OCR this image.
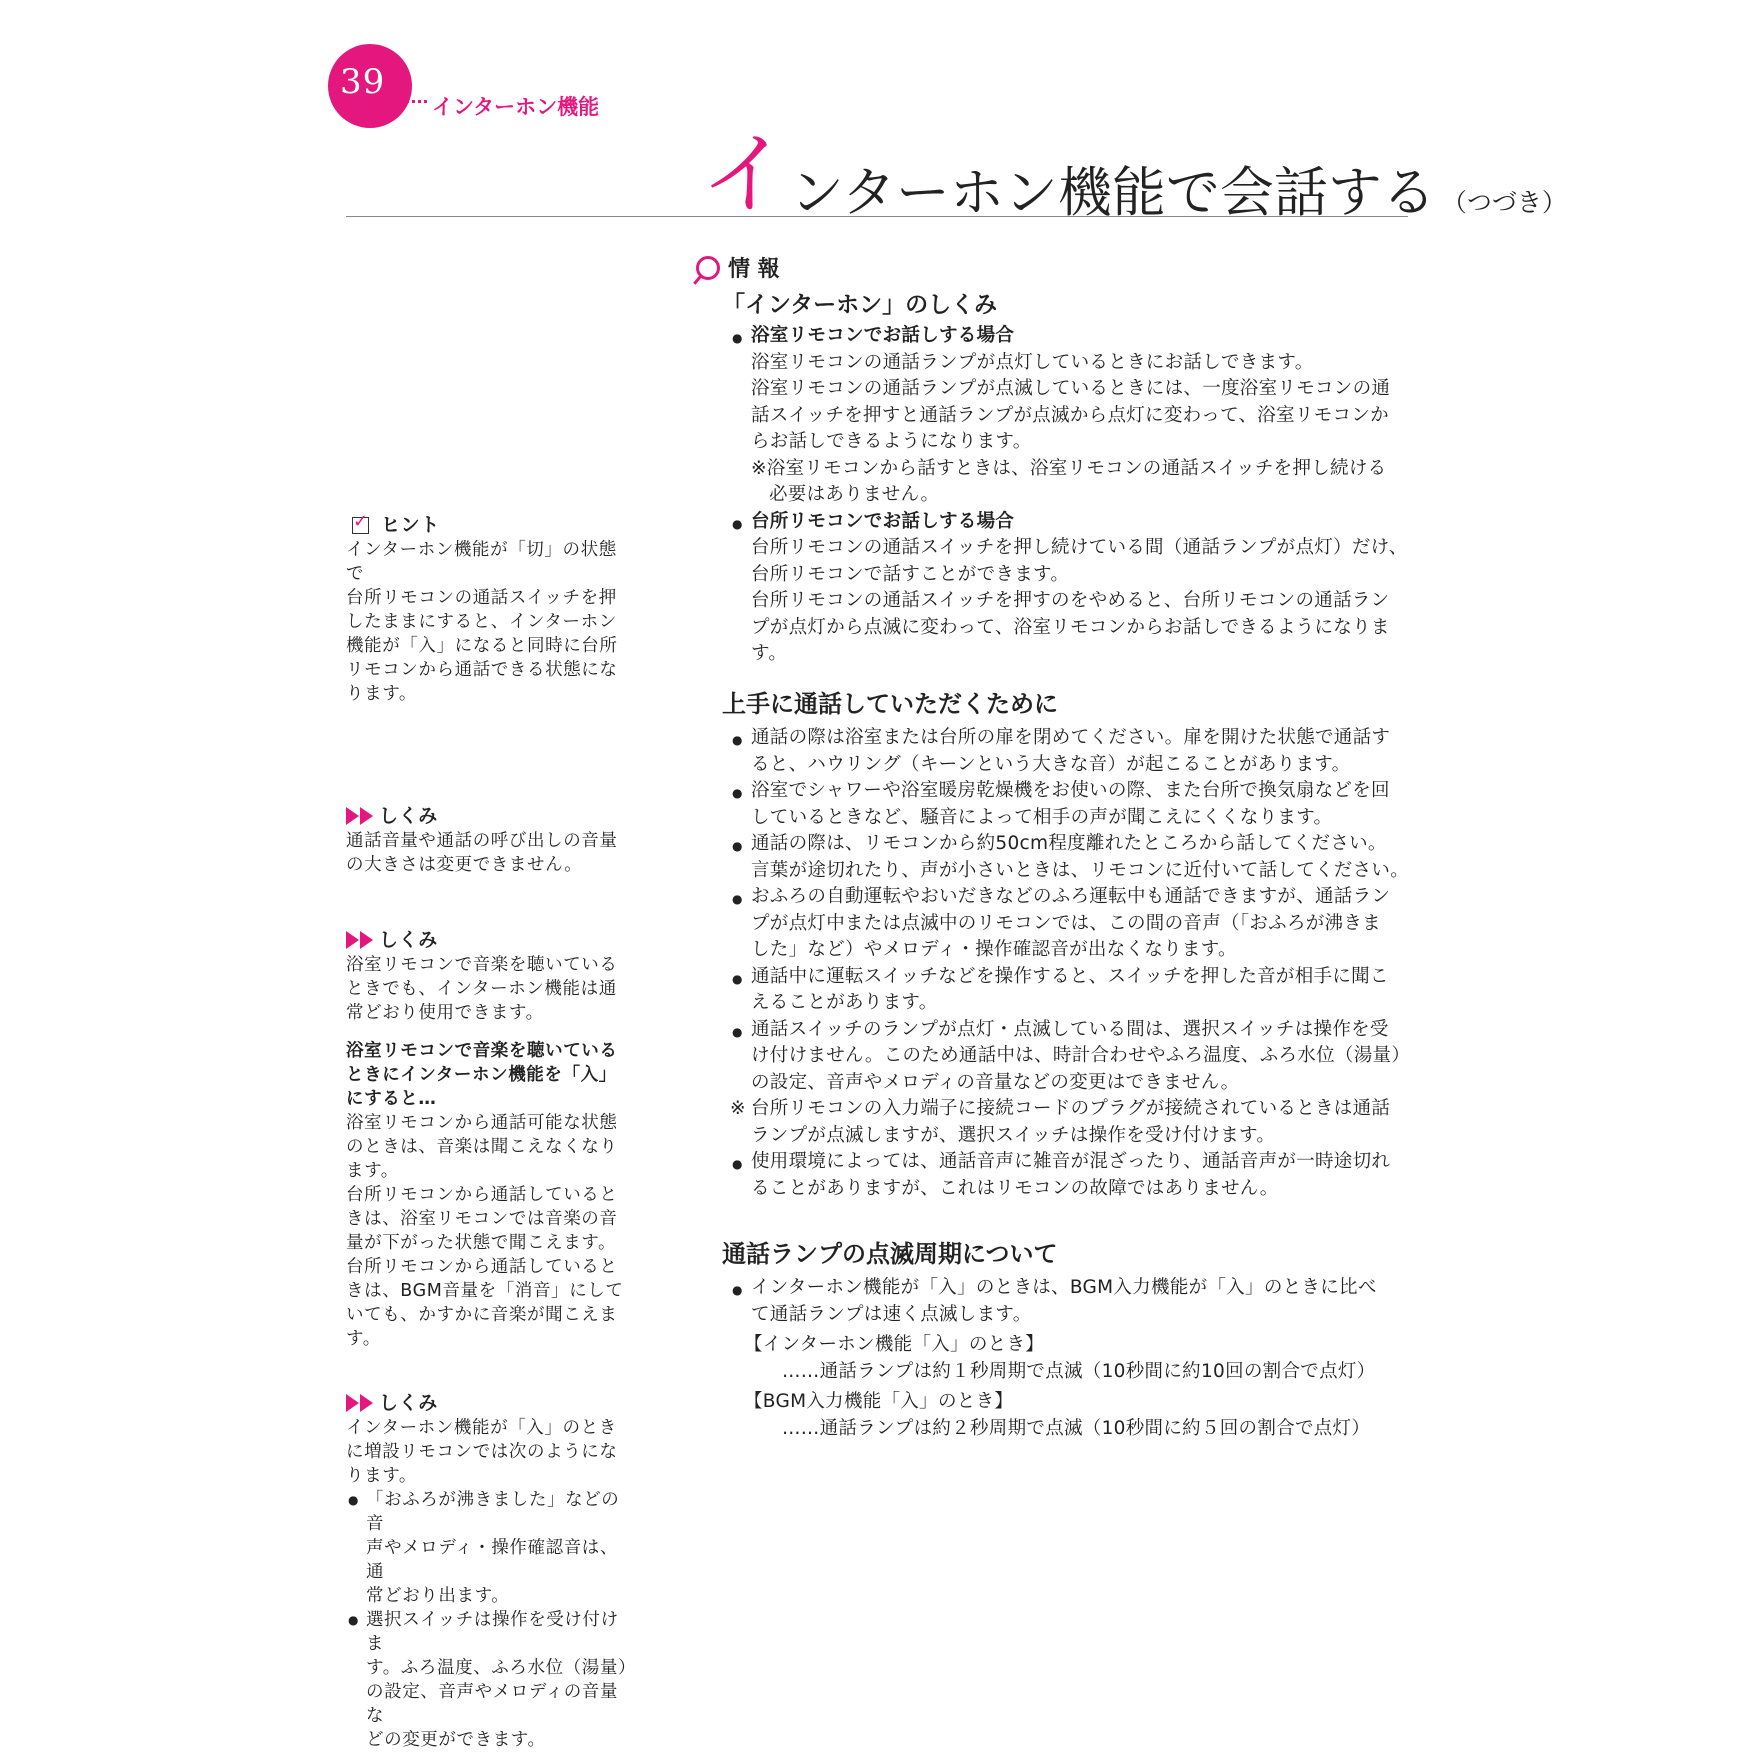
39
インターホン機能
インターホン機能で会話する （つづき）
✓
ヒント

インターホン機能が「切」の状態で

台所リモコンの通話スイッチを押

したままにすると、インターホン

機能が「入」になると同時に台所

リモコンから通話できる状態にな

ります。

しくみ

通話音量や通話の呼び出しの音量

の大きさは変更できません。

しくみ

浴室リモコンで音楽を聴いている

ときでも、インターホン機能は通

常どおり使用できます。

浴室リモコンで音楽を聴いている

ときにインターホン機能を「入」

にすると…

浴室リモコンから通話可能な状態

のときは、音楽は聞こえなくなり

ます。

台所リモコンから通話していると

きは、浴室リモコンでは音楽の音

量が下がった状態で聞こえます。

台所リモコンから通話していると

きは、BGM音量を「消音」にして

いても、かすかに音楽が聞こえま

す。

しくみ

インターホン機能が「入」のとき

に増設リモコンでは次のようにな

ります。

● 「おふろが沸きました」などの音
声やメロディ・操作確認音は、通
常どおり出ます。
● 選択スイッチは操作を受け付けま
す。ふろ温度、ふろ水位（湯量）
の設定、音声やメロディの音量な
どの変更ができます。
情 報

「インターホン」のしくみ

● 浴室リモコンでお話しする場合

浴室リモコンの通話ランプが点灯しているときにお話しできます。

浴室リモコンの通話ランプが点滅しているときには、一度浴室リモコンの通

話スイッチを押すと通話ランプが点滅から点灯に変わって、浴室リモコンか

らお話しできるようになります。

※浴室リモコンから話すときは、浴室リモコンの通話スイッチを押し続ける

必要はありません。

● 台所リモコンでお話しする場合

台所リモコンの通話スイッチを押し続けている間（通話ランプが点灯）だけ、

台所リモコンで話すことができます。

台所リモコンの通話スイッチを押すのをやめると、台所リモコンの通話ラン

プが点灯から点滅に変わって、浴室リモコンからお話しできるようになりま

す。

上手に通話していただくために

● 通話の際は浴室または台所の扉を閉めてください。扉を開けた状態で通話す
ると、ハウリング（キーンという大きな音）が起こることがあります。
● 浴室でシャワーや浴室暖房乾燥機をお使いの際、また台所で換気扇などを回
しているときなど、騒音によって相手の声が聞こえにくくなります。
● 通話の際は、リモコンから約50cm程度離れたところから話してください。
言葉が途切れたり、声が小さいときは、リモコンに近付いて話してください。
● おふろの自動運転やおいだきなどのふろ運転中も通話できますが、通話ラン
プが点灯中または点滅中のリモコンでは、この間の音声（「おふろが沸きま
した」など）やメロディ・操作確認音が出なくなります。
● 通話中に運転スイッチなどを操作すると、スイッチを押した音が相手に聞こ
えることがあります。
● 通話スイッチのランプが点灯・点滅している間は、選択スイッチは操作を受
け付けません。このため通話中は、時計合わせやふろ温度、ふろ水位（湯量）
の設定、音声やメロディの音量などの変更はできません。
※ 台所リモコンの入力端子に接続コードのプラグが接続されているときは通話
ランプが点滅しますが、選択スイッチは操作を受け付けます。
● 使用環境によっては、通話音声に雑音が混ざったり、通話音声が一時途切れ
ることがありますが、これはリモコンの故障ではありません。

通話ランプの点滅周期について

● インターホン機能が「入」のときは、BGM入力機能が「入」のときに比べ
て通話ランプは速く点滅します。

【インターホン機能「入」のとき】

……通話ランプは約１秒周期で点滅（10秒間に約10回の割合で点灯）

【BGM入力機能「入」のとき】

……通話ランプは約２秒周期で点滅（10秒間に約５回の割合で点灯）
